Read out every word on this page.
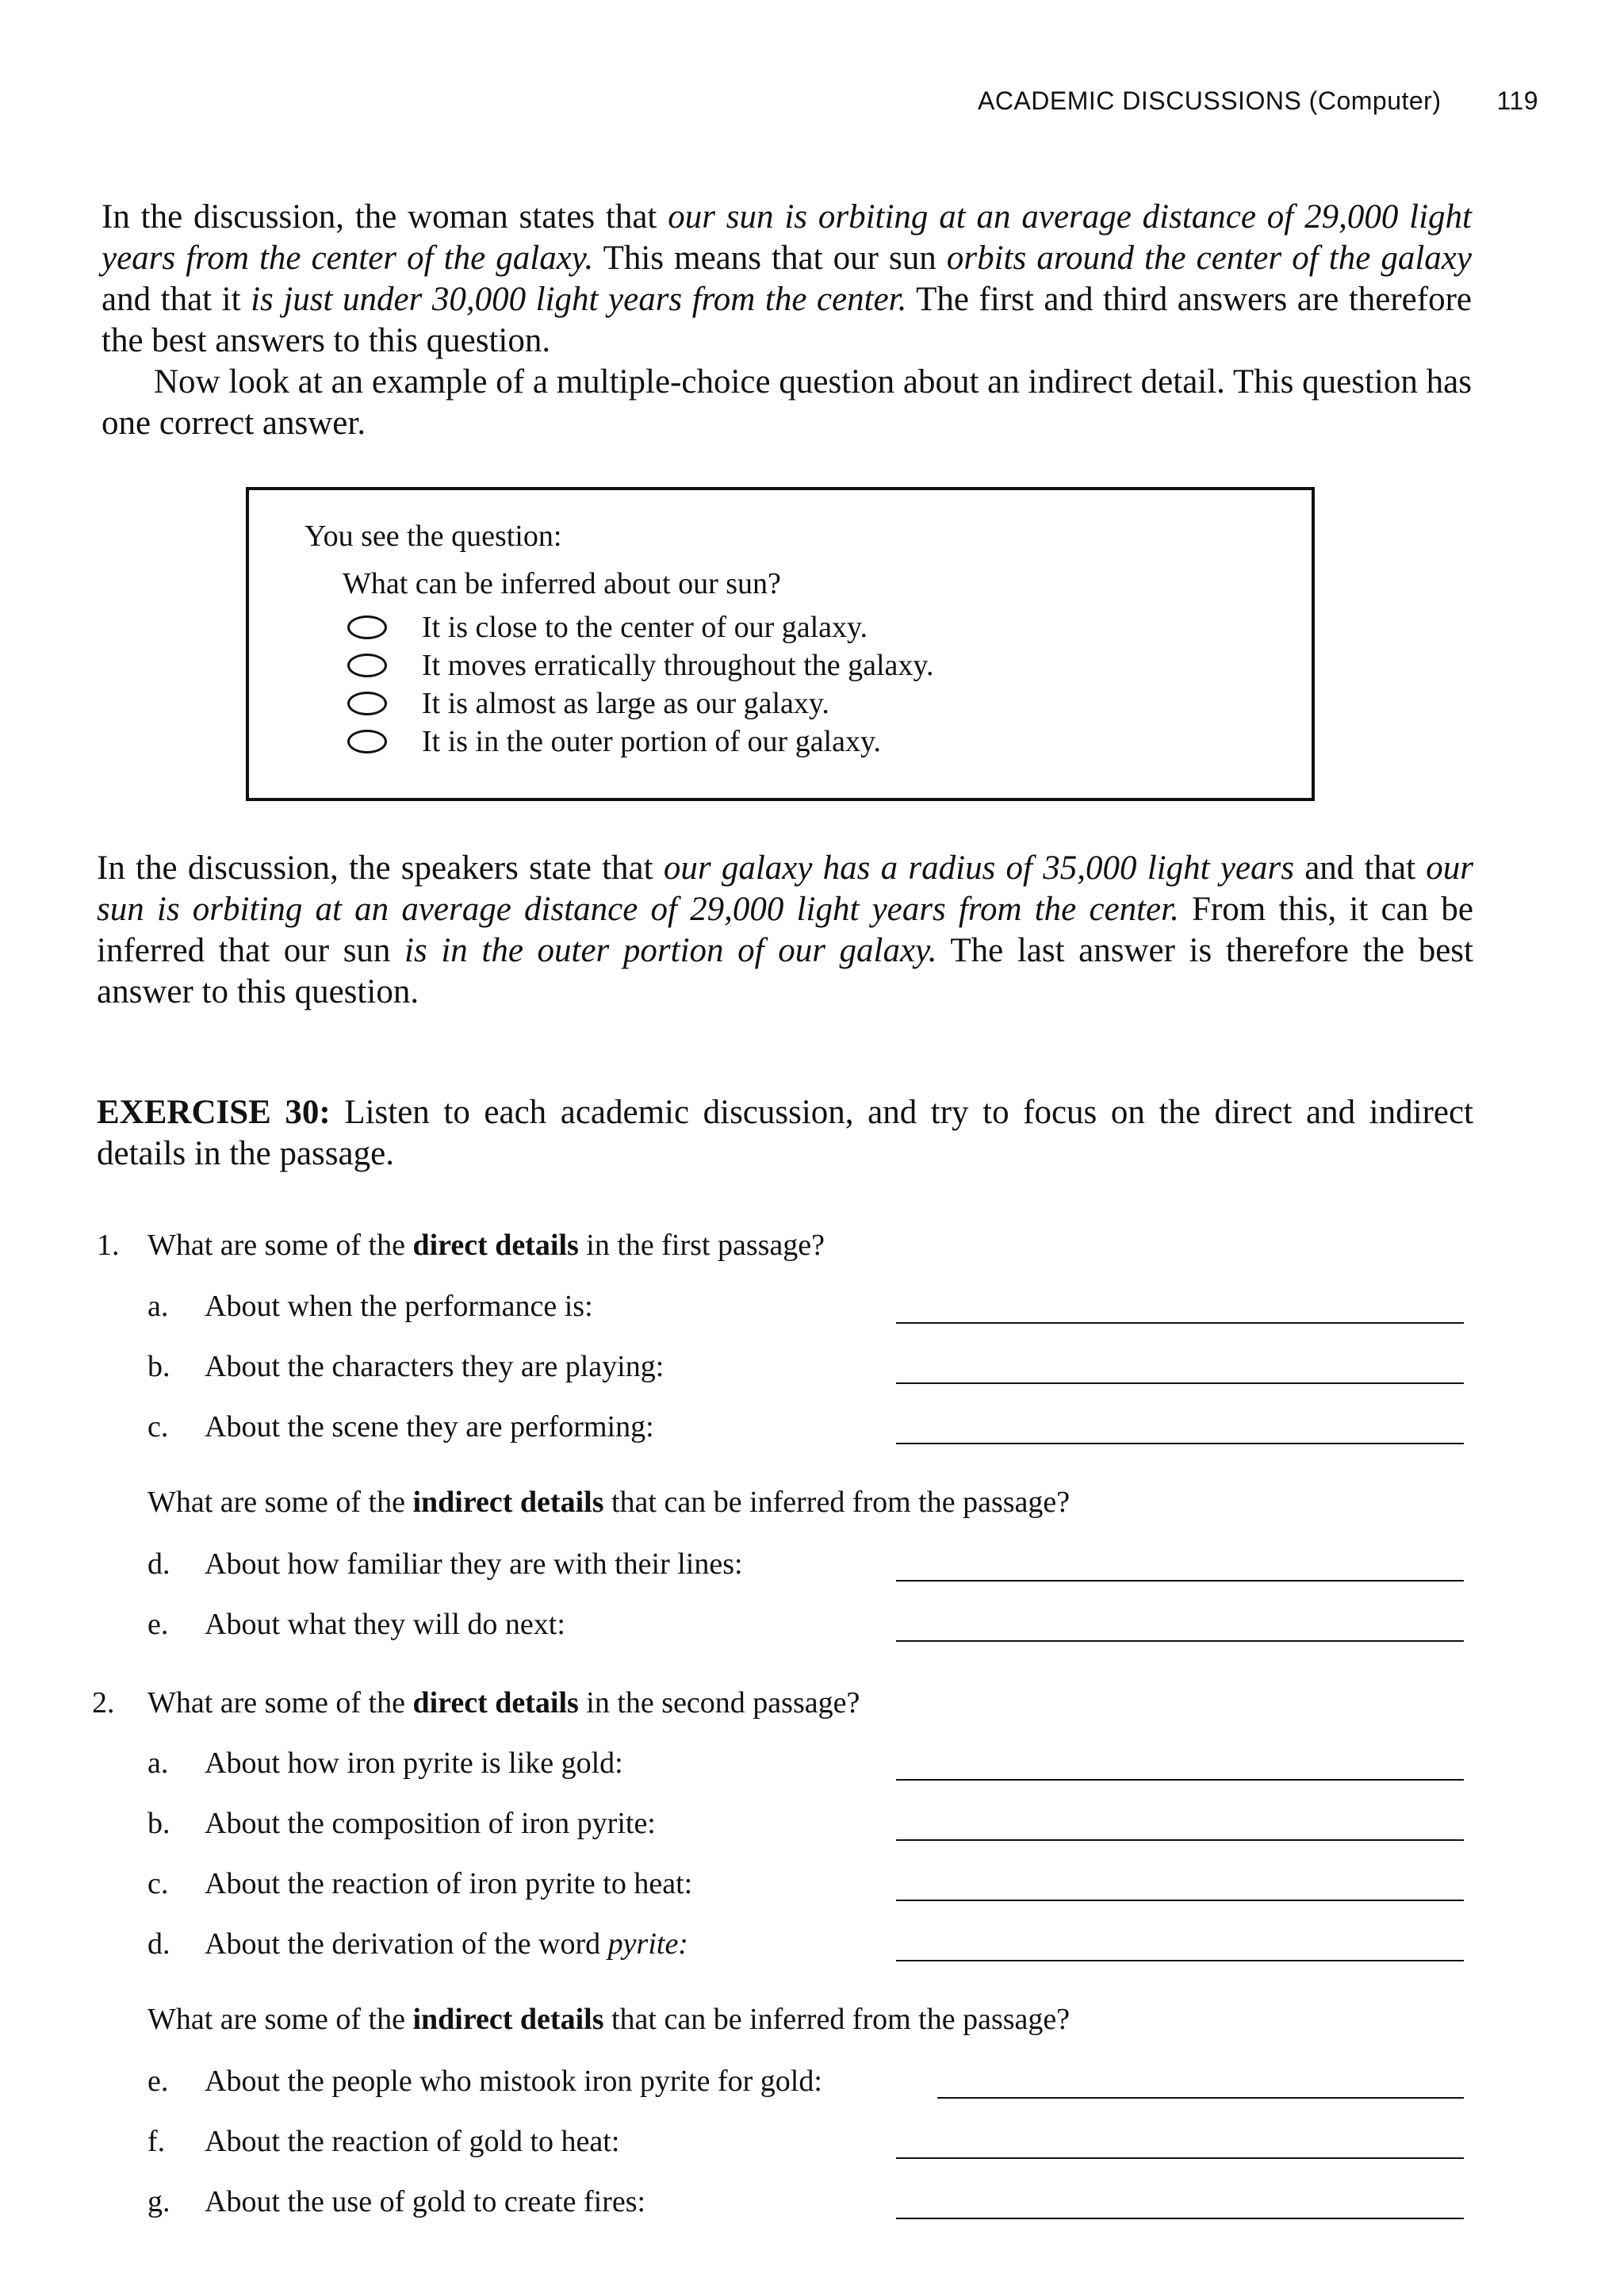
ACADEMIC DISCUSSIONS (Computer) 119
In the discussion, the woman states that our sun is orbiting at an average distance of 29,000 light years from the center of the galaxy. This means that our sun orbits around the center of the galaxy and that it is just under 30,000 light years from the center. The first and third answers are therefore the best answers to this question.
Now look at an example of a multiple-choice question about an indirect detail. This question has one correct answer.
You see the question:
What can be inferred about our sun?
It is close to the center of our galaxy.
It moves erratically throughout the galaxy.
It is almost as large as our galaxy.
It is in the outer portion of our galaxy.
In the discussion, the speakers state that our galaxy has a radius of 35,000 light years and that our sun is orbiting at an average distance of 29,000 light years from the center. From this, it can be inferred that our sun is in the outer portion of our galaxy. The last answer is therefore the best answer to this question.
EXERCISE 30: Listen to each academic discussion, and try to focus on the direct and indirect details in the passage.
1. What are some of the direct details in the first passage?
a. About when the performance is:
b. About the characters they are playing:
c. About the scene they are performing:
What are some of the indirect details that can be inferred from the passage?
d. About how familiar they are with their lines:
e. About what they will do next:
2. What are some of the direct details in the second passage?
a. About how iron pyrite is like gold:
b. About the composition of iron pyrite:
c. About the reaction of iron pyrite to heat:
d. About the derivation of the word pyrite:
What are some of the indirect details that can be inferred from the passage?
e. About the people who mistook iron pyrite for gold:
f. About the reaction of gold to heat:
g. About the use of gold to create fires:
